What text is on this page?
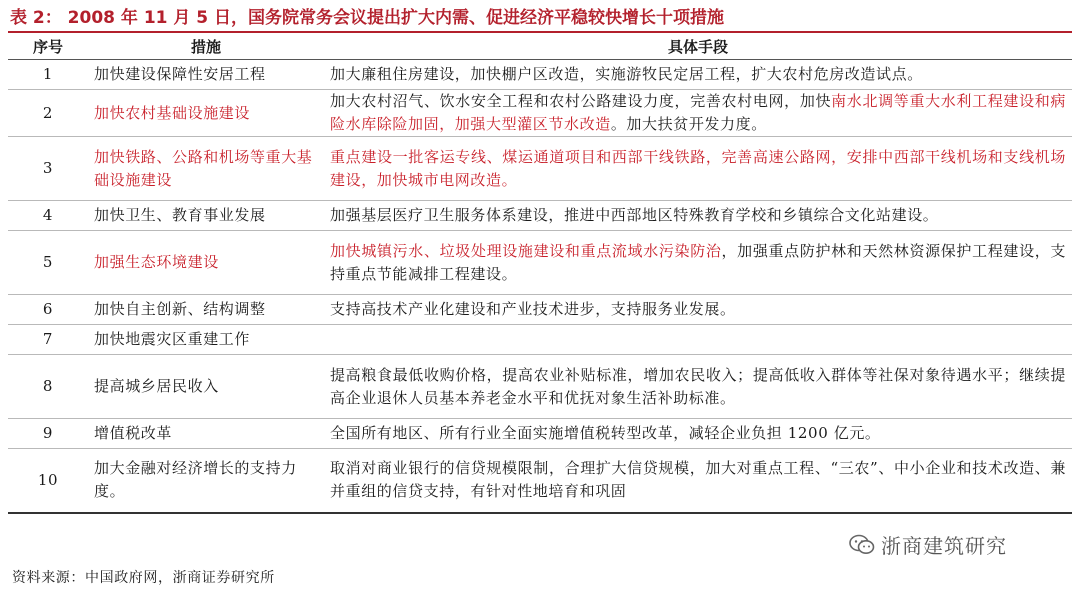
表 2： 2008 年 11 月 5 日，国务院常务会议提出扩大内需、促进经济平稳较快增长十项措施
序号	措施	具体手段
1	加快建设保障性安居工程	加大廉租住房建设，加快棚户区改造，实施游牧民定居工程，扩大农村危房改造试点。
2	加快农村基础设施建设	加大农村沼气、饮水安全工程和农村公路建设力度，完善农村电网，加快南水北调等重大水利工程建设和病险水库除险加固，加强大型灌区节水改造。加大扶贫开发力度。
3	加快铁路、公路和机场等重大基础设施建设	重点建设一批客运专线、煤运通道项目和西部干线铁路，完善高速公路网，安排中西部干线机场和支线机场建设，加快城市电网改造。
4	加快卫生、教育事业发展	加强基层医疗卫生服务体系建设，推进中西部地区特殊教育学校和乡镇综合文化站建设。
5	加强生态环境建设	加快城镇污水、垃圾处理设施建设和重点流域水污染防治，加强重点防护林和天然林资源保护工程建设，支持重点节能减排工程建设。
6	加快自主创新、结构调整	支持高技术产业化建设和产业技术进步，支持服务业发展。
7	加快地震灾区重建工作	
8	提高城乡居民收入	提高粮食最低收购价格，提高农业补贴标准，增加农民收入；提高低收入群体等社保对象待遇水平；继续提高企业退休人员基本养老金水平和优抚对象生活补助标准。
9	增值税改革	全国所有地区、所有行业全面实施增值税转型改革，减轻企业负担 1200 亿元。
10	加大金融对经济增长的支持力度。	取消对商业银行的信贷规模限制，合理扩大信贷规模，加大对重点工程、“三农”、中小企业和技术改造、兼并重组的信贷支持，有针对性地培育和巩固
资料来源：中国政府网，浙商证券研究所
浙商建筑研究
